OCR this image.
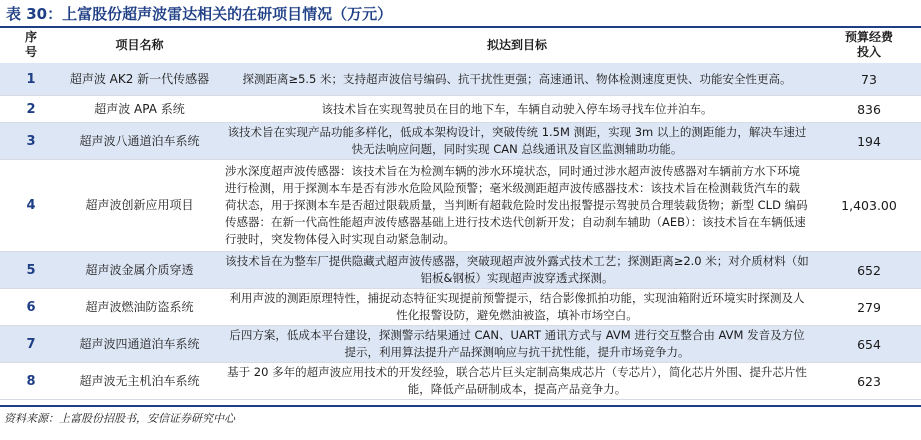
表 30：上富股份超声波雷达相关的在研项目情况（万元）
序
号
项目名称	拟达到目标
预算经费
投入
1	超声波 AK2 新一代传感器	探测距离≥5.5 米；支持超声波信号编码、抗干扰性更强；高速通讯、物体检测速度更快、功能安全性更高。	73
2	超声波 APA 系统	该技术旨在实现驾驶员在目的地下车，车辆自动驶入停车场寻找车位并泊车。	836
3	超声波八通道泊车系统
该技术旨在实现产品功能多样化，低成本架构设计，突破传统 1.5M 测距，实现 3m 以上的测距能力，解决车速过快无法响应问题，同时实现 CAN 总线通讯及盲区监测辅助功能。
194
4	超声波创新应用项目
涉水深度超声波传感器：该技术旨在为检测车辆的涉水环境状态，同时通过涉水超声波传感器对车辆前方水下环境进行检测，用于探测本车是否有涉水危险风险预警；毫米级测距超声波传感器技术：该技术旨在检测载货汽车的载荷状态，用于探测本车是否超过限载质量，当判断有超载危险时发出报警提示驾驶员合理装载货物；新型 CLD 编码传感器：在新一代高性能超声波传感器基础上进行技术迭代创新开发；自动刹车辅助（AEB）：该技术旨在车辆低速行驶时，突发物体侵入时实现自动紧急制动。
1,403.00
5	超声波金属介质穿透
该技术旨在为整车厂提供隐藏式超声波传感器，突破现超声波外露式技术工艺；探测距离≥2.0 米；对介质材料（如铝板&钢板）实现超声波穿透式探测。
652
6	超声波燃油防盗系统
利用声波的测距原理特性，捕捉动态特征实现提前预警提示，结合影像抓拍功能，实现油箱附近环境实时探测及人性化报警设防，避免燃油被盗，填补市场空白。
279
7	超声波四通道泊车系统
后四方案，低成本平台建设，探测警示结果通过 CAN、UART 通讯方式与 AVM 进行交互整合由 AVM 发音及方位提示，利用算法提升产品探测响应与抗干扰性能，提升市场竞争力。
654
8	超声波无主机泊车系统
基于 20 多年的超声波应用技术的开发经验，联合芯片巨头定制高集成芯片（专芯片），简化芯片外围、提升芯片性能，降低产品研制成本，提高产品竞争力。
623
资料来源：上富股份招股书，安信证券研究中心
